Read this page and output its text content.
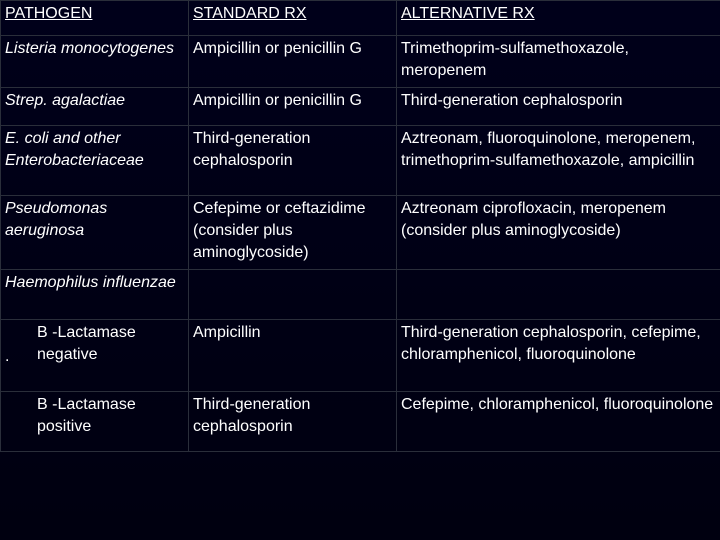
PATHOGEN	STANDARD RX	ALTERNATIVE RX
Listeria monocytogenes	Ampicillin or penicillin G	Trimethoprim-sulfamethoxazole, meropenem
Strep. agalactiae	Ampicillin or penicillin G	Third-generation cephalosporin
E. coli and other Enterobacteriaceae	Third-generation cephalosporin	Aztreonam, fluoroquinolone, meropenem, trimethoprim-sulfamethoxazole, ampicillin
Pseudomonas aeruginosa	Cefepime or ceftazidime (consider plus aminoglycoside)	Aztreonam ciprofloxacin, meropenem (consider plus aminoglycoside)
Haemophilus influenzae		

.
Β -Lactamase negative	Ampicillin	Third-generation cephalosporin, cefepime, chloramphenicol, fluoroquinolone

Β -Lactamase positive	Third-generation cephalosporin	Cefepime, chloramphenicol, fluoroquinolone
